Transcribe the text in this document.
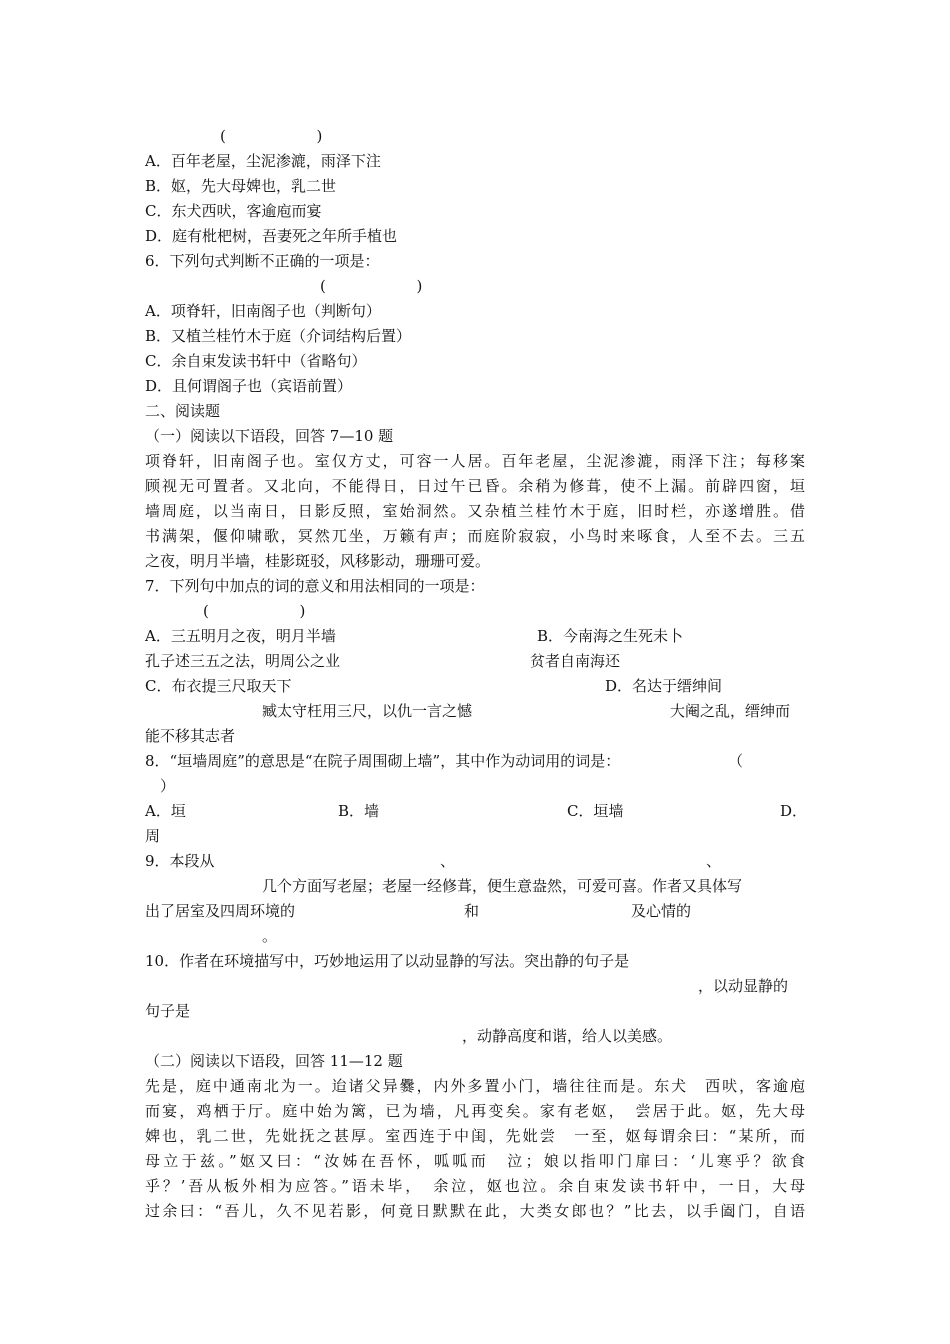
(                   )
A．百年老屋，尘泥渗漉，雨泽下注
B．妪，先大母婢也，乳二世
C．东犬西吠，客逾庖而宴
D．庭有枇杷树，吾妻死之年所手植也
6．下列句式判断不正确的一项是：
(                   )
A．项脊轩，旧南阁子也（判断句）
B．又植兰桂竹木于庭（介词结构后置）
C．余自束发读书轩中（省略句）
D．且何谓阁子也（宾语前置）
二、阅读题
（一）阅读以下语段，回答 7—10 题
项脊轩，旧南阁子也。室仅方丈，可容一人居。百年老屋，尘泥渗漉，雨泽下注；每移案
顾视无可置者。又北向，不能得日，日过午已昏。余稍为修葺，使不上漏。前辟四窗，垣
墙周庭，以当南日，日影反照，室始洞然。又杂植兰桂竹木于庭，旧时栏，亦遂增胜。借
书满架，偃仰啸歌，冥然兀坐，万籁有声；而庭阶寂寂，小鸟时来啄食，人至不去。三五
之夜，明月半墙，桂影斑驳，风移影动，珊珊可爱。
7．下列句中加点的词的意义和用法相同的一项是：
(                   )
A．三五明月之夜，明月半墙	B．今南海之生死未卜
孔子述三五之法，明周公之业	贫者自南海还
C．布衣提三尺取天下	D．名达于缙绅间
臧太守枉用三尺，以仇一言之憾	大阉之乱，缙绅而
能不移其志者
8．“垣墙周庭”的意思是“在院子周围砌上墙”，其中作为动词用的词是：	（
）
A．垣	B．墙	C．垣墙	D．
周
9．本段从	、	、
几个方面写老屋；老屋一经修葺，便生意盎然，可爱可喜。作者又具体写
出了居室及四周环境的	和	及心情的
。
10．作者在环境描写中，巧妙地运用了以动显静的写法。突出静的句子是
，以动显静的
句子是
，动静高度和谐，给人以美感。
（二）阅读以下语段，回答 11—12 题
先是，庭中通南北为一。迨诸父异爨，内外多置小门，墙往往而是。东犬　西吠，客逾庖
而宴，鸡栖于厅。庭中始为篱，已为墙，凡再变矣。家有老妪，　尝居于此。妪，先大母
婢也，乳二世，先妣抚之甚厚。室西连于中闺，先妣尝　一至，妪每谓余曰：“某所，而
母立于兹。”妪又曰：“汝姊在吾怀，呱呱而　泣；娘以指叩门扉曰：‘儿寒乎？欲食
乎？’吾从板外相为应答。”语未毕，　余泣，妪也泣。余自束发读书轩中，一日，大母
过余曰：“吾儿，久不见若影，何竟日默默在此，大类女郎也？”比去，以手阖门，自语
